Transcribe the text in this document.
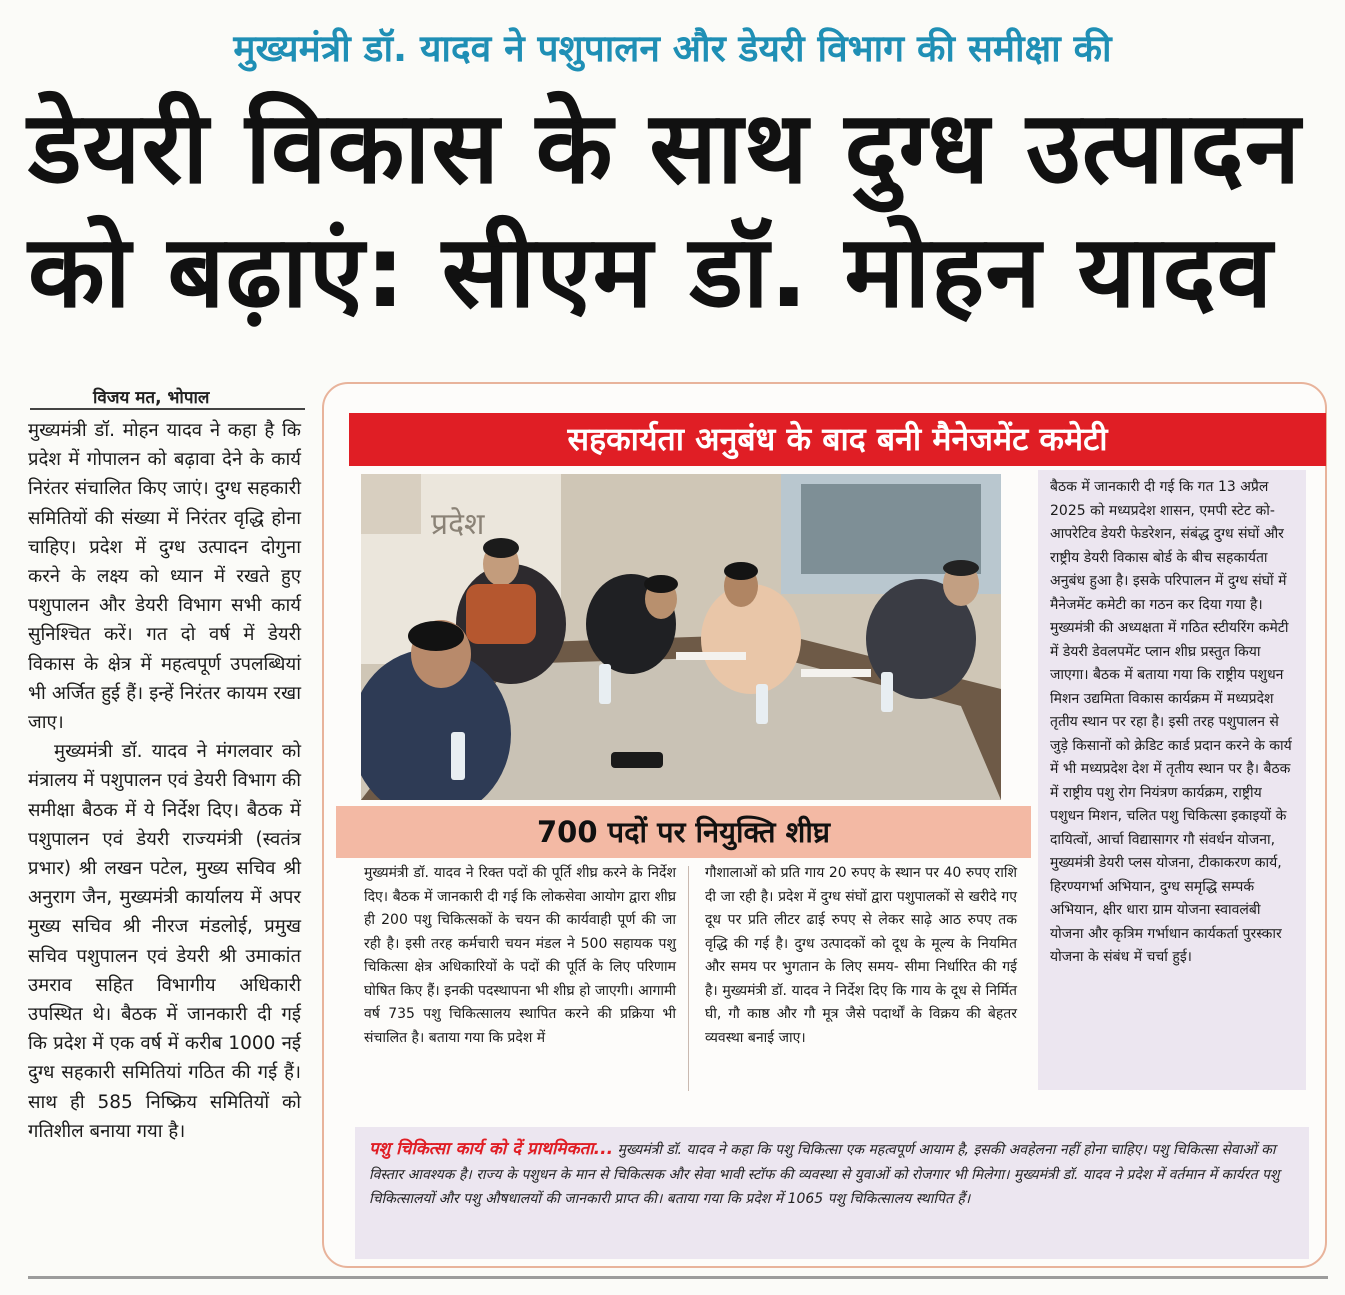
मुख्यमंत्री डॉ. यादव ने पशुपालन और डेयरी विभाग की समीक्षा की
डेयरी विकास के साथ दुग्ध उत्पादन
को बढ़ाएं: सीएम डॉ. मोहन यादव
विजय मत, भोपाल

मुख्यमंत्री डॉ. मोहन यादव ने कहा है कि प्रदेश में गोपालन को बढ़ावा देने के कार्य निरंतर संचालित किए जाएं। दुग्ध सहकारी समितियों की संख्या में निरंतर वृद्धि होना चाहिए। प्रदेश में दुग्ध उत्पादन दोगुना करने के लक्ष्य को ध्यान में रखते हुए पशुपालन और डेयरी विभाग सभी कार्य सुनिश्चित करें। गत दो वर्ष में डेयरी विकास के क्षेत्र में महत्वपूर्ण उपलब्धियां भी अर्जित हुई हैं। इन्हें निरंतर कायम रखा जाए।

मुख्यमंत्री डॉ. यादव ने मंगलवार को मंत्रालय में पशुपालन एवं डेयरी विभाग की समीक्षा बैठक में ये निर्देश दिए। बैठक में पशुपालन एवं डेयरी राज्यमंत्री (स्वतंत्र प्रभार) श्री लखन पटेल, मुख्य सचिव श्री अनुराग जैन, मुख्यमंत्री कार्यालय में अपर मुख्य सचिव श्री नीरज मंडलोई, प्रमुख सचिव पशुपालन एवं डेयरी श्री उमाकांत उमराव सहित विभागीय अधिकारी उपस्थित थे। बैठक में जानकारी दी गई कि प्रदेश में एक वर्ष में करीब 1000 नई दुग्ध सहकारी समितियां गठित की गई हैं। साथ ही 585 निष्क्रिय समितियों को गतिशील बनाया गया है।

सहकार्यता अनुबंध के बाद बनी मैनेजमेंट कमेटी
प्रदेश

बैठक में जानकारी दी गई कि गत 13 अप्रैल 2025 को मध्यप्रदेश शासन, एमपी स्टेट को-आपरेटिव डेयरी फेडरेशन, संबंद्ध दुग्ध संघों और राष्ट्रीय डेयरी विकास बोर्ड के बीच सहकार्यता अनुबंध हुआ है। इसके परिपालन में दुग्ध संघों में मैनेजमेंट कमेटी का गठन कर दिया गया है। मुख्यमंत्री की अध्यक्षता में गठित स्टीयरिंग कमेटी में डेयरी डेवलपमेंट प्लान शीघ्र प्रस्तुत किया जाएगा। बैठक में बताया गया कि राष्ट्रीय पशुधन मिशन उद्यमिता विकास कार्यक्रम में मध्यप्रदेश तृतीय स्थान पर रहा है। इसी तरह पशुपालन से जुड़े किसानों को क्रेडिट कार्ड प्रदान करने के कार्य में भी मध्यप्रदेश देश में तृतीय स्थान पर है। बैठक में राष्ट्रीय पशु रोग नियंत्रण कार्यक्रम, राष्ट्रीय पशुधन मिशन, चलित पशु चिकित्सा इकाइयों के दायित्वों, आर्चा विद्यासागर गौ संवर्धन योजना, मुख्यमंत्री डेयरी प्लस योजना, टीकाकरण कार्य, हिरण्यगर्भा अभियान, दुग्ध समृद्धि सम्पर्क अभियान, क्षीर धारा ग्राम योजना स्वावलंबी योजना और कृत्रिम गर्भाधान कार्यकर्ता पुरस्कार योजना के संबंध में चर्चा हुई।

700 पदों पर नियुक्ति शीघ्र

मुख्यमंत्री डॉ. यादव ने रिक्त पदों की पूर्ति शीघ्र करने के निर्देश दिए। बैठक में जानकारी दी गई कि लोकसेवा आयोग द्वारा शीघ्र ही 200 पशु चिकित्सकों के चयन की कार्यवाही पूर्ण की जा रही है। इसी तरह कर्मचारी चयन मंडल ने 500 सहायक पशु चिकित्सा क्षेत्र अधिकारियों के पदों की पूर्ति के लिए परिणाम घोषित किए हैं। इनकी पदस्थापना भी शीघ्र हो जाएगी। आगामी वर्ष 735 पशु चिकित्सालय स्थापित करने की प्रक्रिया भी संचालित है। बताया गया कि प्रदेश में

गौशालाओं को प्रति गाय 20 रुपए के स्थान पर 40 रुपए राशि दी जा रही है। प्रदेश में दुग्ध संघों द्वारा पशुपालकों से खरीदे गए दूध पर प्रति लीटर ढाई रुपए से लेकर साढ़े आठ रुपए तक वृद्धि की गई है। दुग्ध उत्पादकों को दूध के मूल्य के नियमित और समय पर भुगतान के लिए समय- सीमा निर्धारित की गई है। मुख्यमंत्री डॉ. यादव ने निर्देश दिए कि गाय के दूध से निर्मित घी, गौ काष्ठ और गौ मूत्र जैसे पदार्थों के विक्रय की बेहतर व्यवस्था बनाई जाए।

पशु चिकित्सा कार्य को दें प्राथमिकता... मुख्यमंत्री डॉ. यादव ने कहा कि पशु चिकित्सा एक महत्वपूर्ण आयाम है, इसकी अवहेलना नहीं होना चाहिए। पशु चिकित्सा सेवाओं का विस्तार आवश्यक है। राज्य के पशुधन के मान से चिकित्सक और सेवा भावी स्टॉफ की व्यवस्था से युवाओं को रोजगार भी मिलेगा। मुख्यमंत्री डॉ. यादव ने प्रदेश में वर्तमान में कार्यरत पशु चिकित्सालयों और पशु औषधालयों की जानकारी प्राप्त की। बताया गया कि प्रदेश में 1065 पशु चिकित्सालय स्थापित हैं।
